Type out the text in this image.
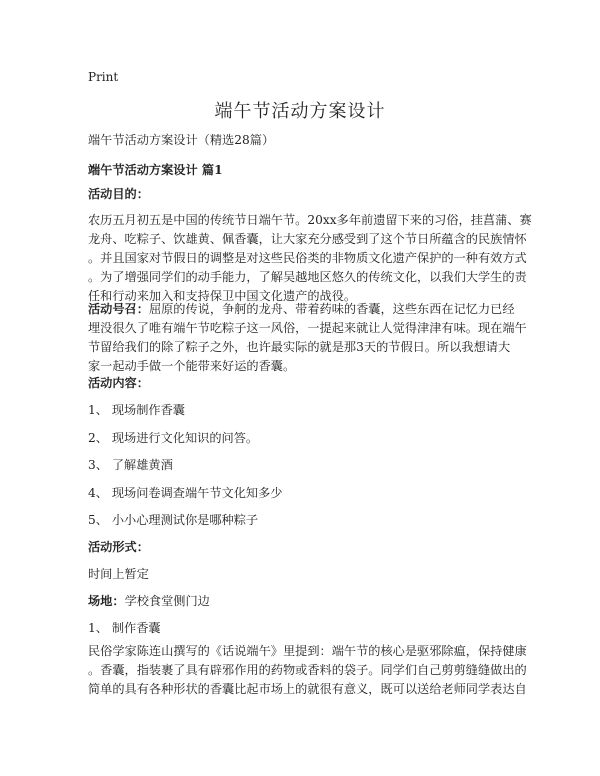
Print
端午节活动方案设计
端午节活动方案设计（精选28篇）
端午节活动方案设计 篇1
活动目的：
农历五月初五是中国的传统节日端午节。20xx多年前遗留下来的习俗，挂菖蒲、赛
龙舟、吃粽子、饮雄黄、佩香囊，让大家充分感受到了这个节日所蕴含的民族情怀
。并且国家对节假日的调整是对这些民俗类的非物质文化遗产保护的一种有效方式
。为了增强同学们的动手能力，了解吴越地区悠久的传统文化，以我们大学生的责
任和行动来加入和支持保卫中国文化遗产的战役。
活动号召：屈原的传说，争舸的龙舟、带着药味的香囊，这些东西在记忆力已经
埋没很久了唯有端午节吃粽子这一风俗，一提起来就让人觉得津津有味。现在端午
节留给我们的除了粽子之外，也许最实际的就是那3天的节假日。所以我想请大
家一起动手做一个能带来好运的香囊。
活动内容：
1、 现场制作香囊
2、 现场进行文化知识的问答。
3、 了解雄黄酒
4、 现场问卷调查端午节文化知多少
5、 小小心理测试你是哪种粽子
活动形式：
时间上暂定
场地：学校食堂侧门边
1、 制作香囊
民俗学家陈连山撰写的《话说端午》里提到：端午节的核心是驱邪除瘟，保持健康
。香囊，指装裹了具有辟邪作用的药物或香料的袋子。同学们自己剪剪缝缝做出的
简单的具有各种形状的香囊比起市场上的就很有意义，既可以送给老师同学表达自
